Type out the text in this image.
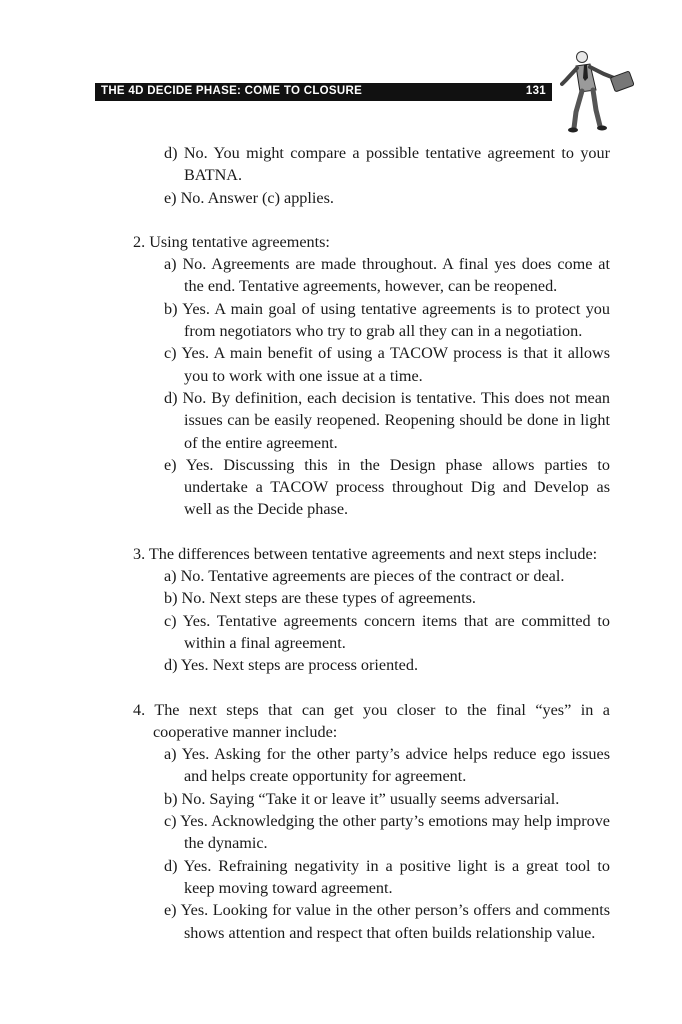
THE 4D DECIDE PHASE: COME TO CLOSURE	131

d) No. You might compare a possible tentative agreement to your BATNA.

e) No. Answer (c) applies.

2. Using tentative agreements:

a) No. Agreements are made throughout. A final yes does come at the end. Tentative agreements, however, can be reopened.

b) Yes. A main goal of using tentative agreements is to protect you from negotiators who try to grab all they can in a negotiation.

c) Yes. A main benefit of using a TACOW process is that it allows you to work with one issue at a time.

d) No. By definition, each decision is tentative. This does not mean issues can be easily reopened. Reopening should be done in light of the entire agreement.

e) Yes. Discussing this in the Design phase allows parties to undertake a TACOW process throughout Dig and Develop as well as the Decide phase.

3. The differences between tentative agreements and next steps include:

a) No. Tentative agreements are pieces of the contract or deal.

b) No. Next steps are these types of agreements.

c) Yes. Tentative agreements concern items that are committed to within a final agreement.

d) Yes. Next steps are process oriented.

4. The next steps that can get you closer to the final “yes” in a cooperative manner include:

a) Yes. Asking for the other party’s advice helps reduce ego issues and helps create opportunity for agreement.

b) No. Saying “Take it or leave it” usually seems adversarial.

c) Yes. Acknowledging the other party’s emotions may help improve the dynamic.

d) Yes. Refraining negativity in a positive light is a great tool to keep moving toward agreement.

e) Yes. Looking for value in the other person’s offers and comments shows attention and respect that often builds relationship value.
